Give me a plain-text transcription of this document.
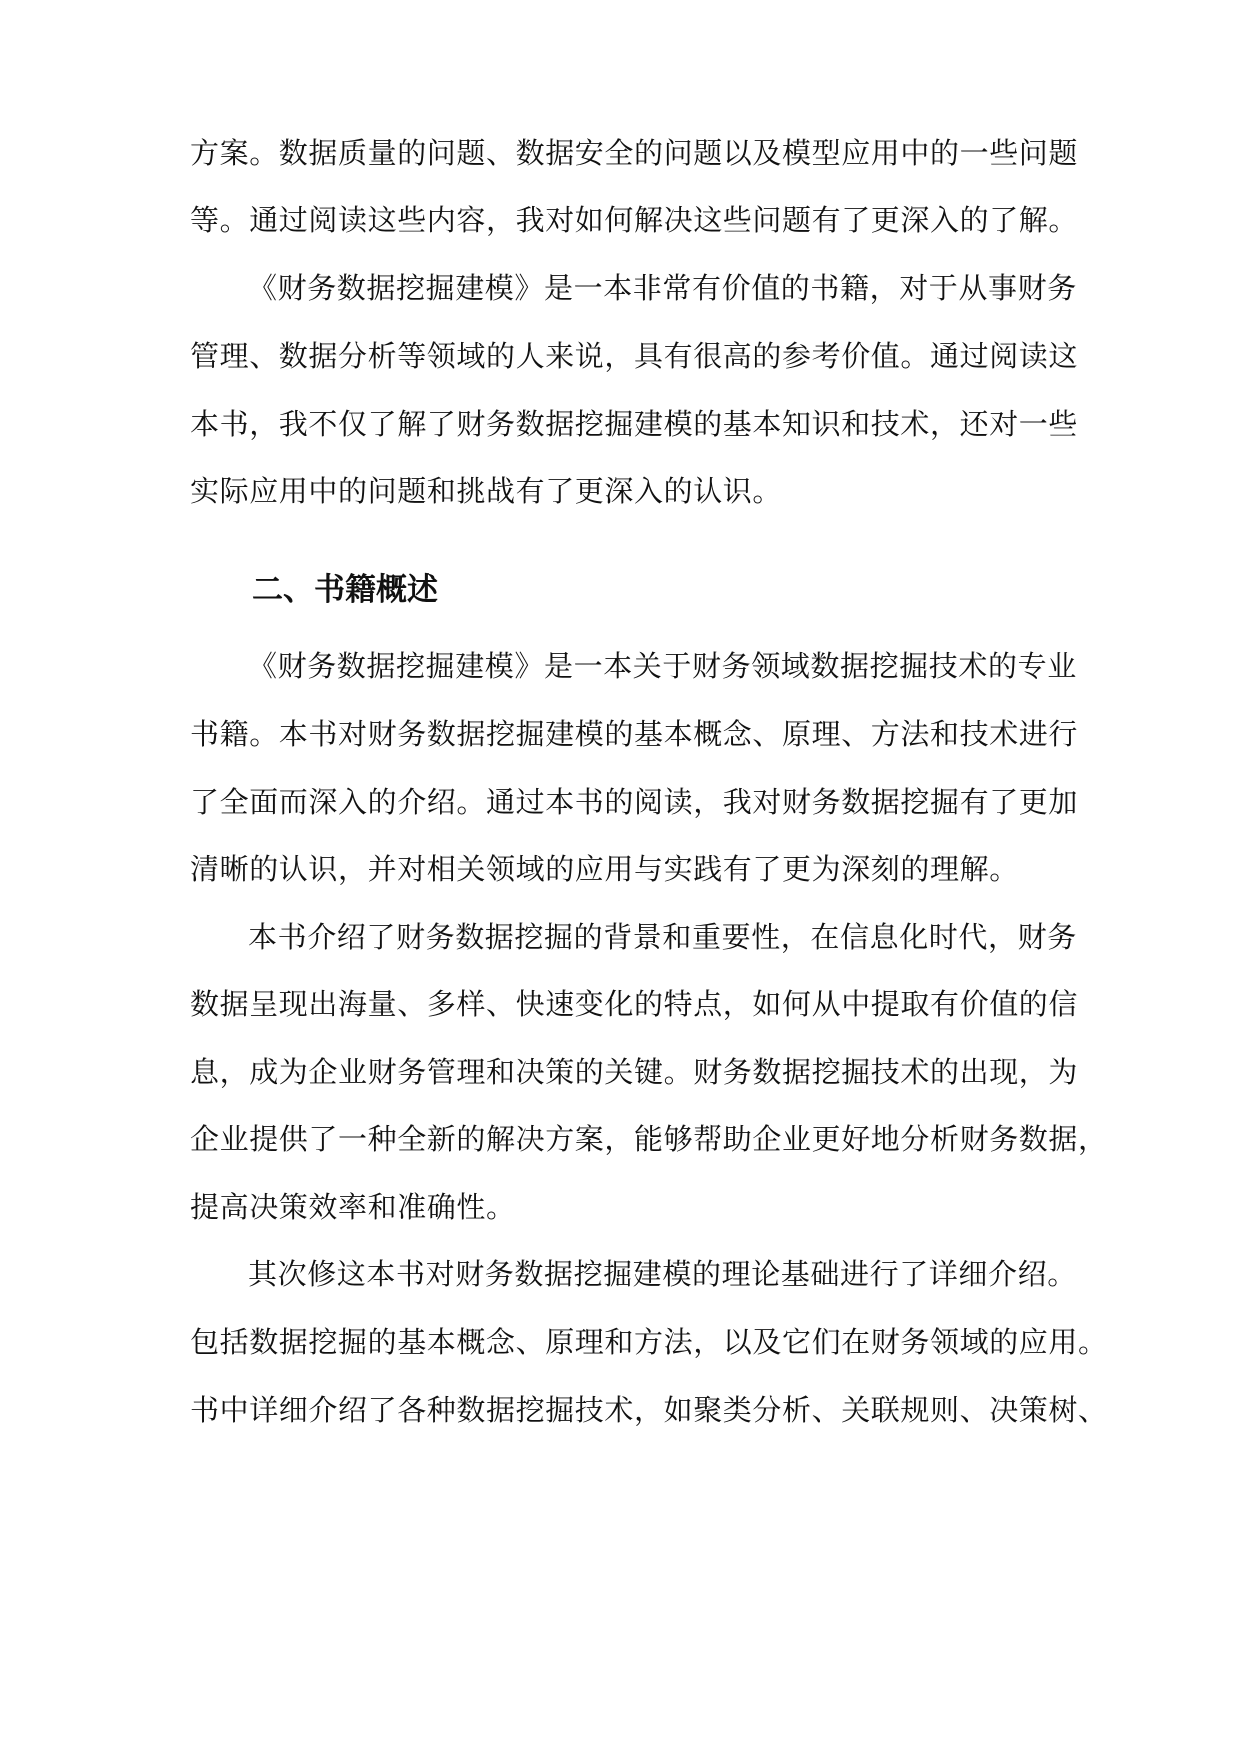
方案。数据质量的问题、数据安全的问题以及模型应用中的一些问题
等。通过阅读这些内容，我对如何解决这些问题有了更深入的了解。
《财务数据挖掘建模》是一本非常有价值的书籍，对于从事财务
管理、数据分析等领域的人来说，具有很高的参考价值。通过阅读这
本书，我不仅了解了财务数据挖掘建模的基本知识和技术，还对一些
实际应用中的问题和挑战有了更深入的认识。
二、书籍概述
《财务数据挖掘建模》是一本关于财务领域数据挖掘技术的专业
书籍。本书对财务数据挖掘建模的基本概念、原理、方法和技术进行
了全面而深入的介绍。通过本书的阅读，我对财务数据挖掘有了更加
清晰的认识，并对相关领域的应用与实践有了更为深刻的理解。
本书介绍了财务数据挖掘的背景和重要性，在信息化时代，财务
数据呈现出海量、多样、快速变化的特点，如何从中提取有价值的信
息，成为企业财务管理和决策的关键。财务数据挖掘技术的出现，为
企业提供了一种全新的解决方案，能够帮助企业更好地分析财务数据，
提高决策效率和准确性。
其次修这本书对财务数据挖掘建模的理论基础进行了详细介绍。
包括数据挖掘的基本概念、原理和方法，以及它们在财务领域的应用。
书中详细介绍了各种数据挖掘技术，如聚类分析、关联规则、决策树、
